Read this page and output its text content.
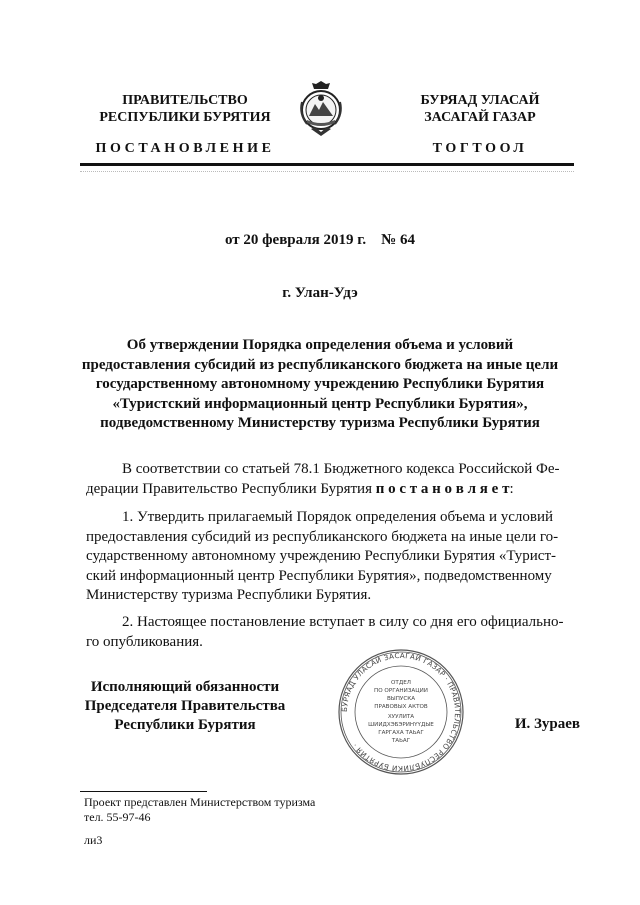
ПРАВИТЕЛЬСТВО
РЕСПУБЛИКИ БУРЯТИЯ
БУРЯАД УЛАСАЙ
ЗАСАГАЙ ГАЗАР
ПОСТАНОВЛЕНИЕ	ТОГТООЛ
от 20 февраля 2019 г.    № 64
г. Улан-Удэ
Об утверждении Порядка определения объема и условий
предоставления субсидий из республиканского бюджета на иные цели
государственному автономному учреждению Республики Бурятия
«Туристский информационный центр Республики Бурятия»,
подведомственному Министерству туризма Республики Бурятия
В соответствии со статьей 78.1 Бюджетного кодекса Российской Фе-
дерации Правительство Республики Бурятия п о с т а н о в л я е т:
1. Утвердить прилагаемый Порядок определения объема и условий
предоставления субсидий из республиканского бюджета на иные цели го-
сударственному автономному учреждению Республики Бурятия «Турист-
ский информационный центр Республики Бурятия», подведомственному
Министерству туризма Республики Бурятия.
2. Настоящее постановление вступает в силу со дня его официально-
го опубликования.
БУРЯАД УЛАСАЙ ЗАСАГАЙ ГАЗАР · ПРАВИТЕЛЬСТВО РЕСПУБЛИКИ БУРЯТИЯ ·
ОТДЕЛ
ПО ОРГАНИЗАЦИИ
ВЫПУСКА
ПРАВОВЫХ АКТОВ
ХУУЛИТА
ШИИДХЭБЭРИНҮҮДЫЕ
ГАРГАХА ТАЬАГ
ТАЬАГ
Исполняющий обязанности
Председателя Правительства
Республики Бурятия	И. Зураев
Проект представлен Министерством туризма
тел. 55-97-46
ли3
